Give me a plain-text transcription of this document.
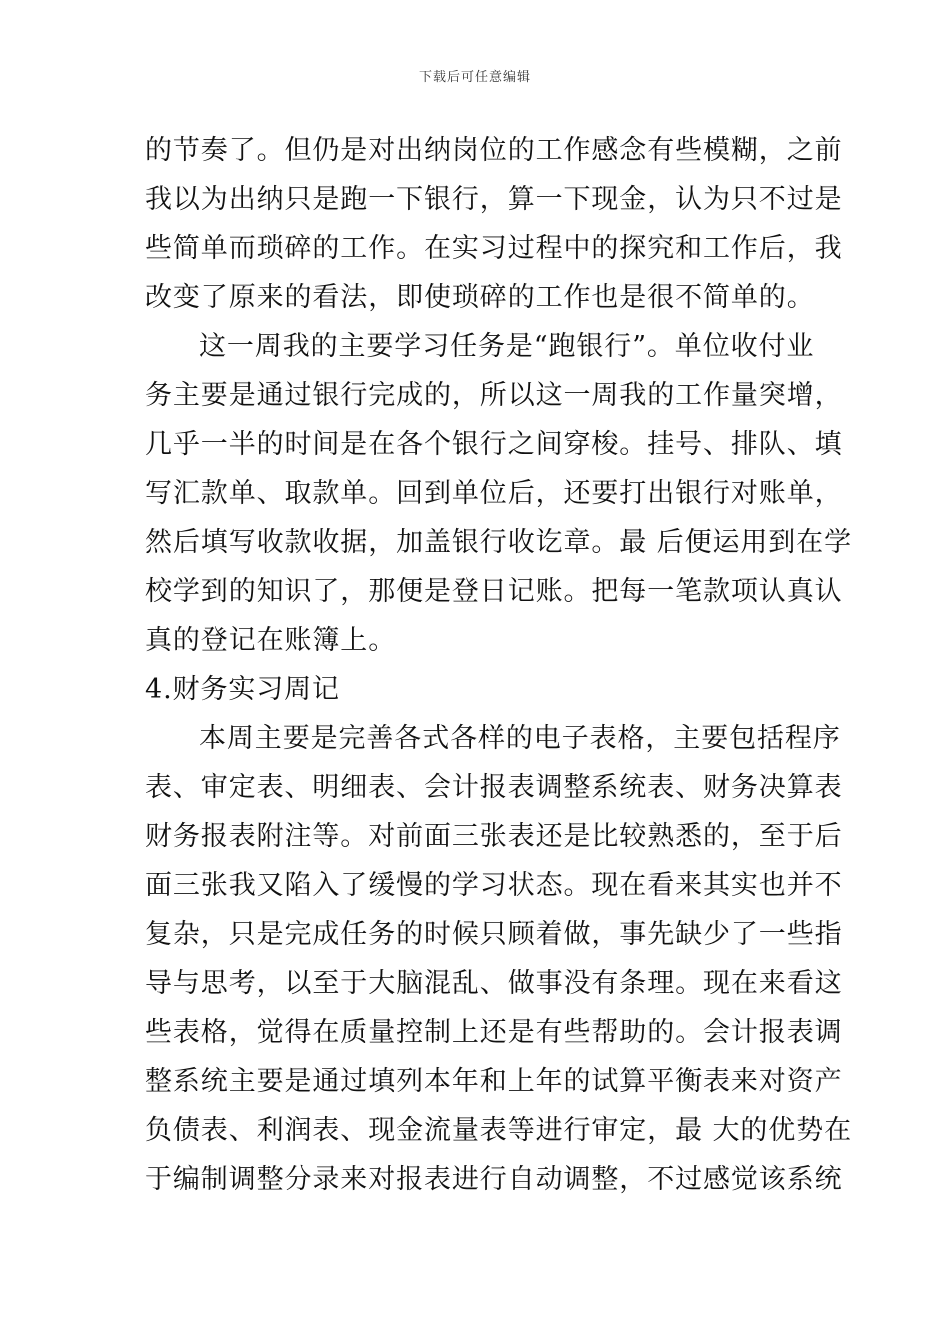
下载后可任意编辑
的节奏了。但仍是对出纳岗位的工作感念有些模糊，之前
我以为出纳只是跑一下银行，算一下现金，认为只不过是
些简单而琐碎的工作。在实习过程中的探究和工作后，我
改变了原来的看法，即使琐碎的工作也是很不简单的。
这一周我的主要学习任务是“跑银行”。单位收付业
务主要是通过银行完成的，所以这一周我的工作量突增，
几乎一半的时间是在各个银行之间穿梭。挂号、排队、填
写汇款单、取款单。回到单位后，还要打出银行对账单，
然后填写收款收据，加盖银行收讫章。最 后便运用到在学
校学到的知识了，那便是登日记账。把每一笔款项认真认
真的登记在账簿上。
4.财务实习周记
本周主要是完善各式各样的电子表格，主要包括程序
表、审定表、明细表、会计报表调整系统表、财务决算表
财务报表附注等。对前面三张表还是比较熟悉的，至于后
面三张我又陷入了缓慢的学习状态。现在看来其实也并不
复杂，只是完成任务的时候只顾着做，事先缺少了一些指
导与思考，以至于大脑混乱、做事没有条理。现在来看这
些表格，觉得在质量控制上还是有些帮助的。会计报表调
整系统主要是通过填列本年和上年的试算平衡表来对资产
负债表、利润表、现金流量表等进行审定，最 大的优势在
于编制调整分录来对报表进行自动调整，不过感觉该系统
